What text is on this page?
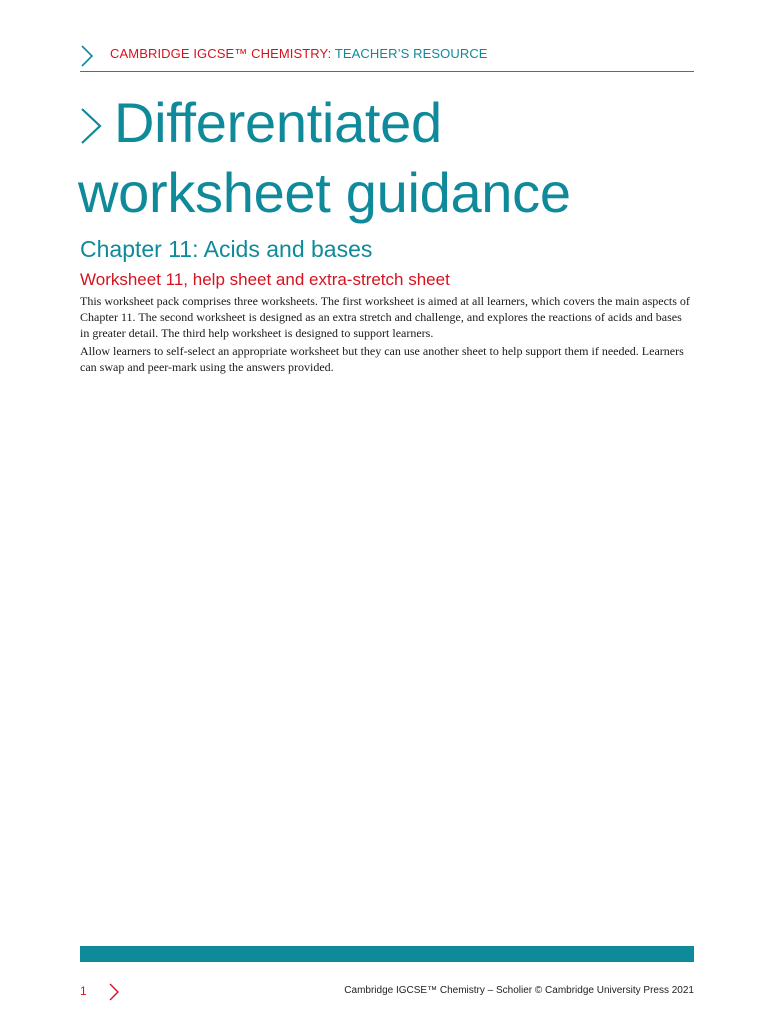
CAMBRIDGE IGCSE™ CHEMISTRY: TEACHER’S RESOURCE
Differentiated
worksheet guidance
Chapter 11: Acids and bases
Worksheet 11, help sheet and extra-stretch sheet

This worksheet pack comprises three worksheets. The first worksheet is aimed at all learners, which covers the main aspects of Chapter 11. The second worksheet is designed as an extra stretch and challenge, and explores the reactions of acids and bases in greater detail. The third help worksheet is designed to support learners.

Allow learners to self-select an appropriate worksheet but they can use another sheet to help support them if needed. Learners can swap and peer-mark using the answers provided.

1	Cambridge IGCSE™ Chemistry – Scholier © Cambridge University Press 2021
